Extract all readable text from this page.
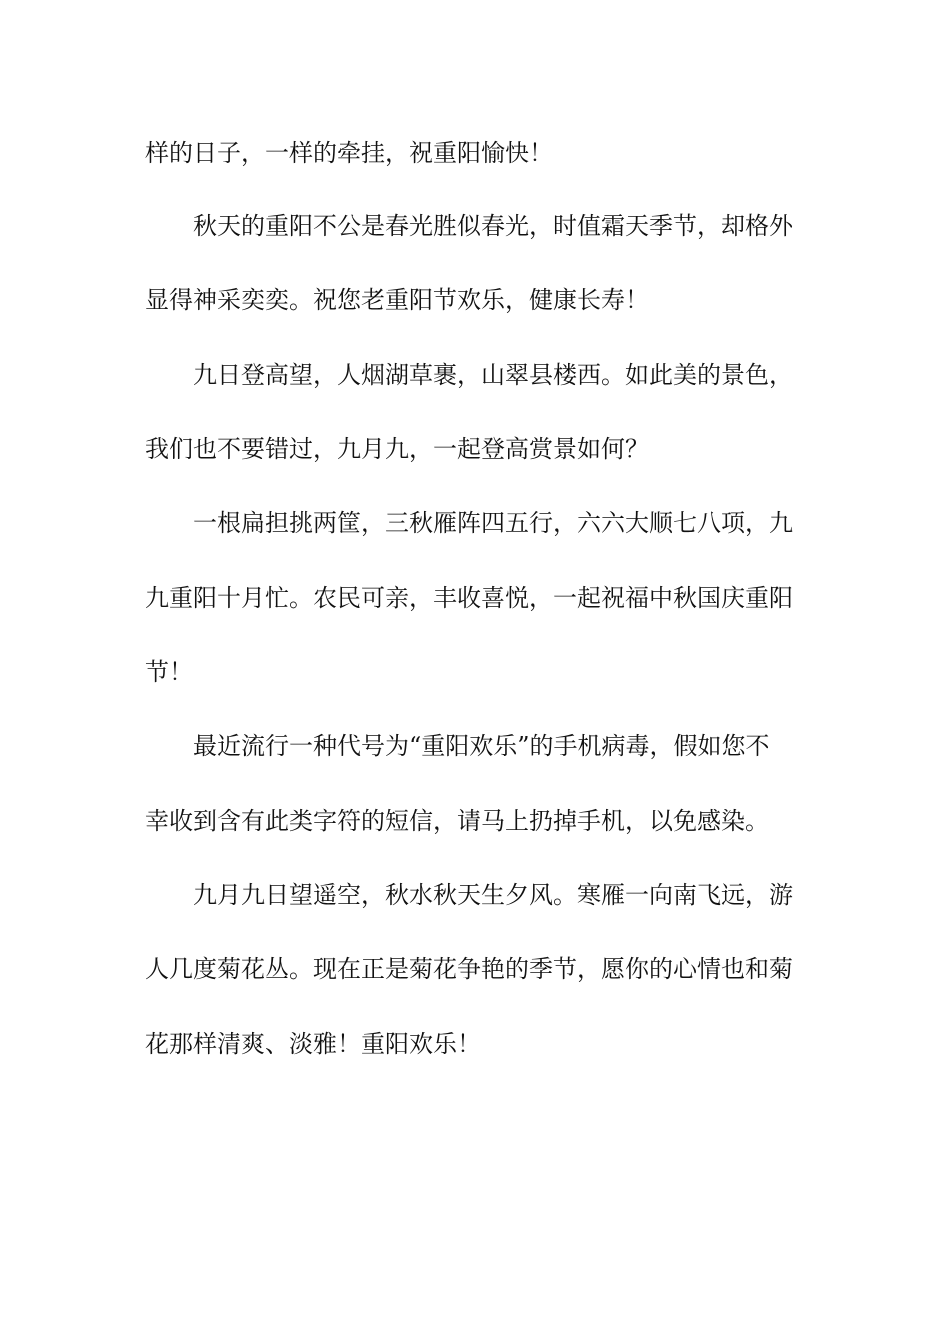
样的日子，一样的牵挂，祝重阳愉快！
秋天的重阳不公是春光胜似春光，时值霜天季节，却格外
显得神采奕奕。祝您老重阳节欢乐，健康长寿！
九日登高望，人烟湖草裹，山翠县楼西。如此美的景色，
我们也不要错过，九月九，一起登高赏景如何？
一根扁担挑两筐，三秋雁阵四五行，六六大顺七八项，九
九重阳十月忙。农民可亲，丰收喜悦，一起祝福中秋国庆重阳
节！
最近流行一种代号为“重阳欢乐”的手机病毒，假如您不
幸收到含有此类字符的短信，请马上扔掉手机，以免感染。
九月九日望遥空，秋水秋天生夕风。寒雁一向南飞远，游
人几度菊花丛。现在正是菊花争艳的季节，愿你的心情也和菊
花那样清爽、淡雅！重阳欢乐！
